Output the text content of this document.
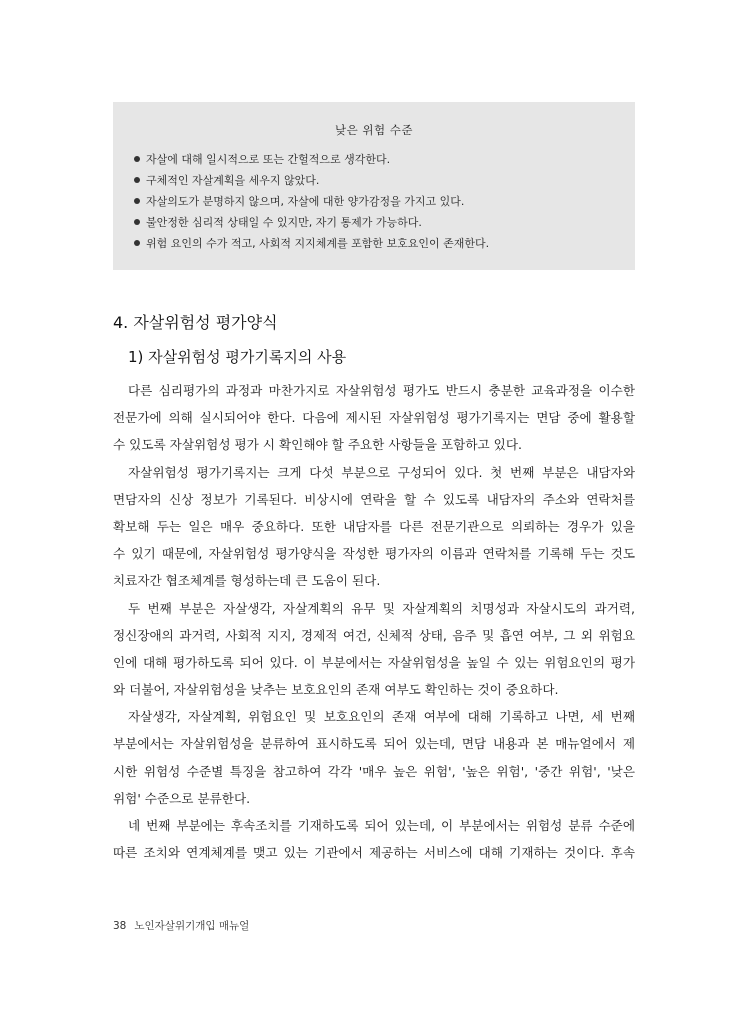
낮은 위험 수준

자살에 대해 일시적으로 또는 간헐적으로 생각한다.
구체적인 자살계획을 세우지 않았다.
자살의도가 분명하지 않으며, 자살에 대한 양가감정을 가지고 있다.
불안정한 심리적 상태일 수 있지만, 자기 통제가 가능하다.
위험 요인의 수가 적고, 사회적 지지체계를 포함한 보호요인이 존재한다.
4. 자살위험성 평가양식
1) 자살위험성 평가기록지의 사용
다른 심리평가의 과정과 마찬가지로 자살위험성 평가도 반드시 충분한 교육과정을 이수한
전문가에 의해 실시되어야 한다. 다음에 제시된 자살위험성 평가기록지는 면담 중에 활용할
수 있도록 자살위험성 평가 시 확인해야 할 주요한 사항들을 포함하고 있다.
자살위험성 평가기록지는 크게 다섯 부분으로 구성되어 있다. 첫 번째 부분은 내담자와
면담자의 신상 정보가 기록된다. 비상시에 연락을 할 수 있도록 내담자의 주소와 연락처를
확보해 두는 일은 매우 중요하다. 또한 내담자를 다른 전문기관으로 의뢰하는 경우가 있을
수 있기 때문에, 자살위험성 평가양식을 작성한 평가자의 이름과 연락처를 기록해 두는 것도
치료자간 협조체계를 형성하는데 큰 도움이 된다.
두 번째 부분은 자살생각, 자살계획의 유무 및 자살계획의 치명성과 자살시도의 과거력,
정신장애의 과거력, 사회적 지지, 경제적 여건, 신체적 상태, 음주 및 흡연 여부, 그 외 위험요
인에 대해 평가하도록 되어 있다. 이 부분에서는 자살위험성을 높일 수 있는 위험요인의 평가
와 더불어, 자살위험성을 낮추는 보호요인의 존재 여부도 확인하는 것이 중요하다.
자살생각, 자살계획, 위험요인 및 보호요인의 존재 여부에 대해 기록하고 나면, 세 번째
부분에서는 자살위험성을 분류하여 표시하도록 되어 있는데, 면담 내용과 본 매뉴얼에서 제
시한 위험성 수준별 특징을 참고하여 각각 '매우 높은 위험', '높은 위험', '중간 위험', '낮은
위험' 수준으로 분류한다.
네 번째 부분에는 후속조치를 기재하도록 되어 있는데, 이 부분에서는 위험성 분류 수준에
따른 조치와 연계체계를 맺고 있는 기관에서 제공하는 서비스에 대해 기재하는 것이다. 후속
38 노인자살위기개입 매뉴얼
